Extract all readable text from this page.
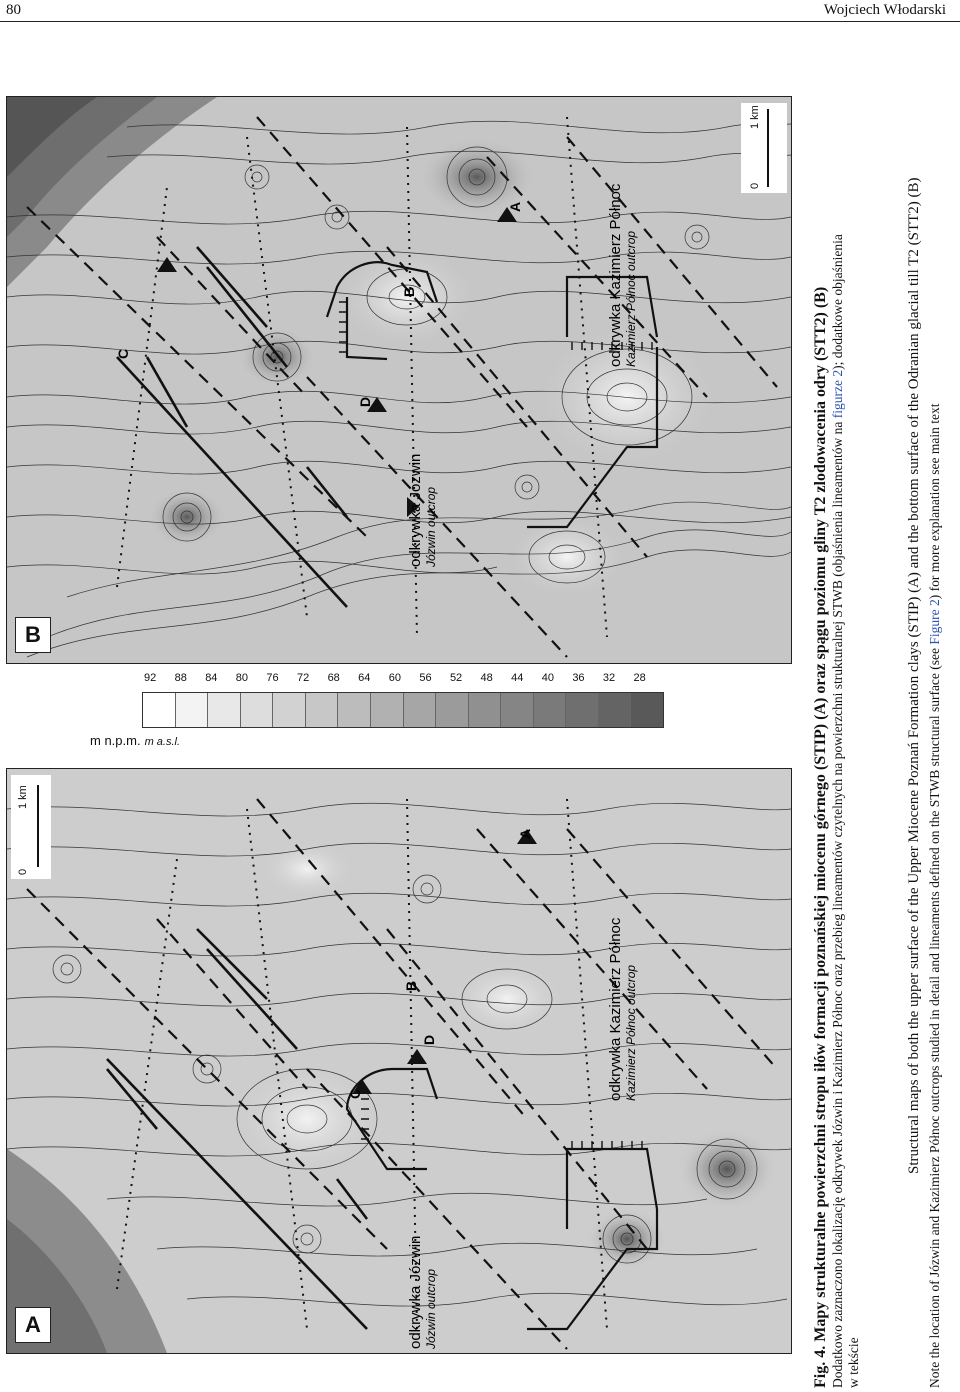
80	Wojciech Włodarski
B
odkrywka Józwin Józwin outcrop
odkrywka Kazimierz Północ Kazimierz Północ outcrop
C
D
B
A
0
1 km
92	88	84	80	76	72	68	64	60	56	52	48	44	40	36	32	28
m n.p.m. m a.s.l.
A	odkrywka Józwin Józwin outcrop
odkrywka Kazimierz Północ Kazimierz Północ outcrop
C
B
D
A
0
1 km	Fig. 4. Mapy strukturalne powierzchni stropu iłów formacji poznańskiej miocenu górnego (STIP) (A) oraz spągu poziomu gliny T2 zlodowacenia odry (STT2) (B) Dodatkowo zaznaczono lokalizację odkrywek Józwin i Kazimierz Północ oraz przebieg lineamentów czytelnych na powierzchni strukturalnej STWB (objaśnienia lineamentów na figurze 2); dodatkowe objaśnienia
w tekście
Structural maps of both the upper surface of the Upper Miocene Poznań Formation clays (STIP) (A) and the bottom surface of the Odranian glacial till T2 (STT2) (B) Note the location of Józwin and Kazimierz Północ outcrops studied in detail and lineaments defined on the STWB structural surface (see Figure 2) for more explanation see main text
